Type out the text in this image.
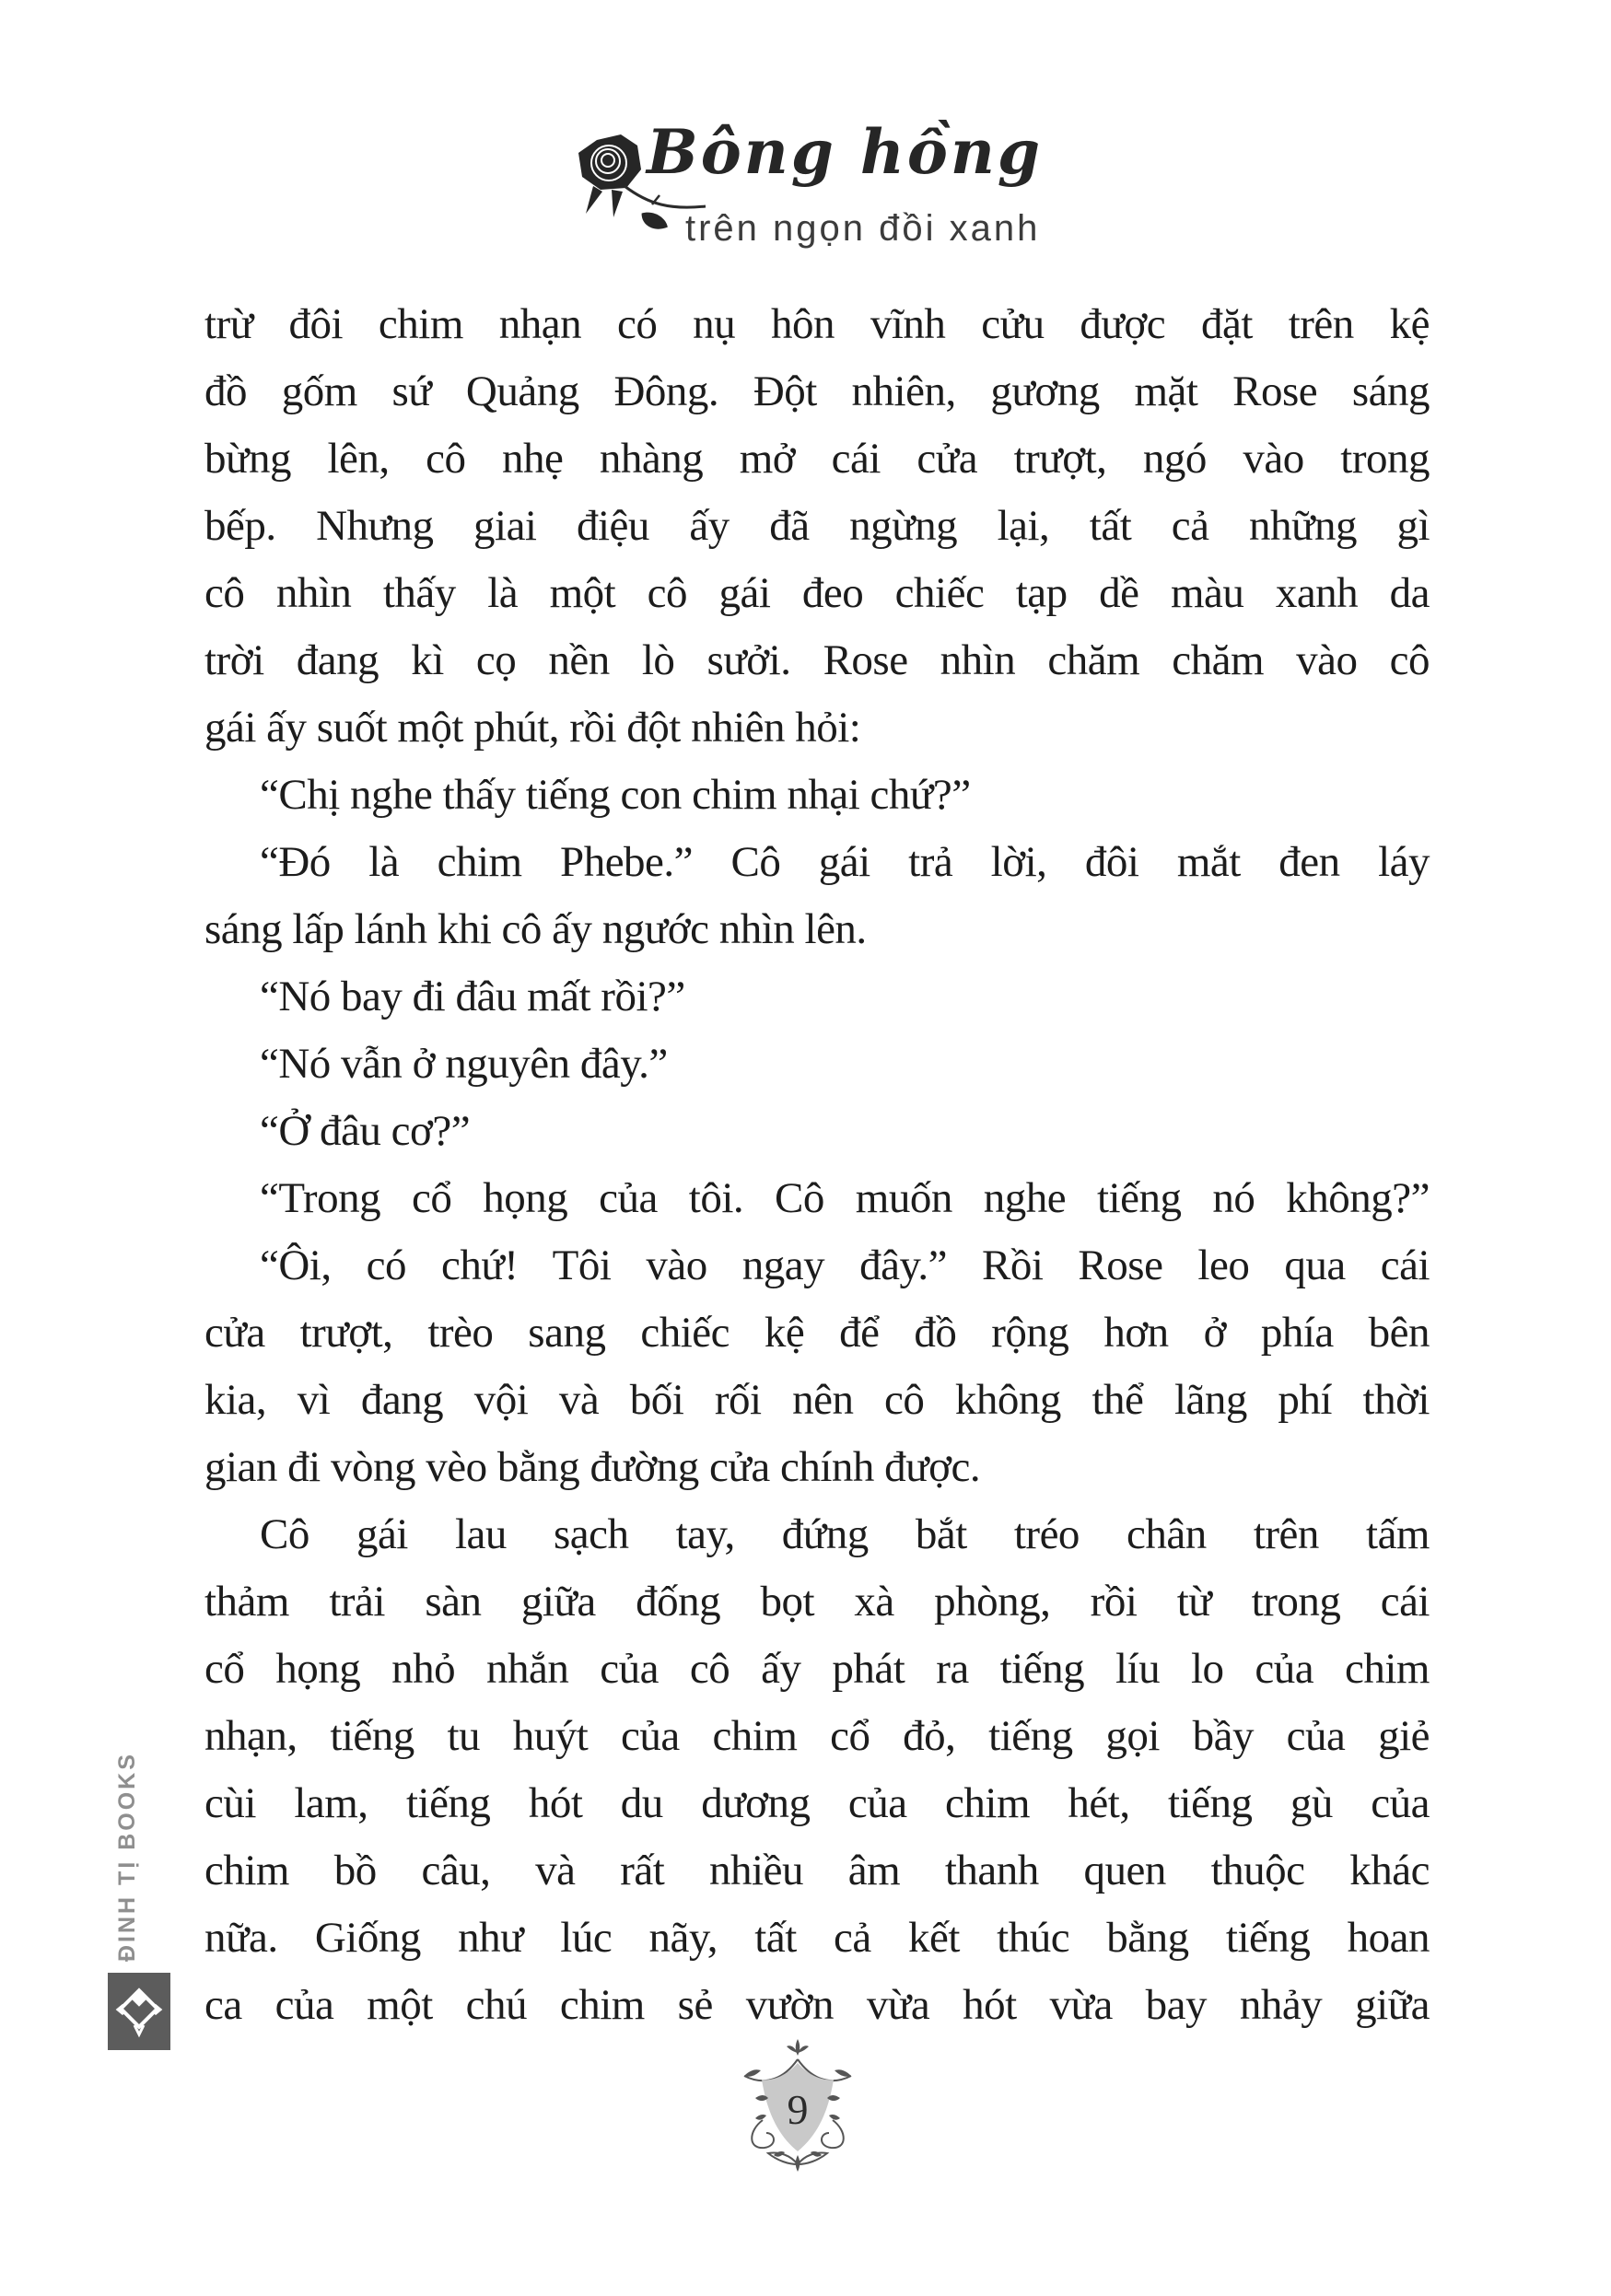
Bông hồng
trên ngọn đồi xanh
trừ đôi chim nhạn có nụ hôn vĩnh cửu được đặt trên kệ
đồ gốm sứ Quảng Đông. Đột nhiên, gương mặt Rose sáng
bừng lên, cô nhẹ nhàng mở cái cửa trượt, ngó vào trong
bếp. Nhưng giai điệu ấy đã ngừng lại, tất cả những gì
cô nhìn thấy là một cô gái đeo chiếc tạp dề màu xanh da
trời đang kì cọ nền lò sưởi. Rose nhìn chăm chăm vào cô
gái ấy suốt một phút, rồi đột nhiên hỏi:
“Chị nghe thấy tiếng con chim nhại chứ?”
“Đó là chim Phebe.” Cô gái trả lời, đôi mắt đen láy
sáng lấp lánh khi cô ấy ngước nhìn lên.
“Nó bay đi đâu mất rồi?”
“Nó vẫn ở nguyên đây.”
“Ở đâu cơ?”
“Trong cổ họng của tôi. Cô muốn nghe tiếng nó không?”
“Ôi, có chứ! Tôi vào ngay đây.” Rồi Rose leo qua cái
cửa trượt, trèo sang chiếc kệ để đồ rộng hơn ở phía bên
kia, vì đang vội và bối rối nên cô không thể lãng phí thời
gian đi vòng vèo bằng đường cửa chính được.
Cô gái lau sạch tay, đứng bắt tréo chân trên tấm
thảm trải sàn giữa đống bọt xà phòng, rồi từ trong cái
cổ họng nhỏ nhắn của cô ấy phát ra tiếng líu lo của chim
nhạn, tiếng tu huýt của chim cổ đỏ, tiếng gọi bầy của giẻ
cùi lam, tiếng hót du dương của chim hét, tiếng gù của
chim bồ câu, và rất nhiều âm thanh quen thuộc khác
nữa. Giống như lúc nãy, tất cả kết thúc bằng tiếng hoan
ca của một chú chim sẻ vườn vừa hót vừa bay nhảy giữa
ĐINH TỊ BOOKS
9
